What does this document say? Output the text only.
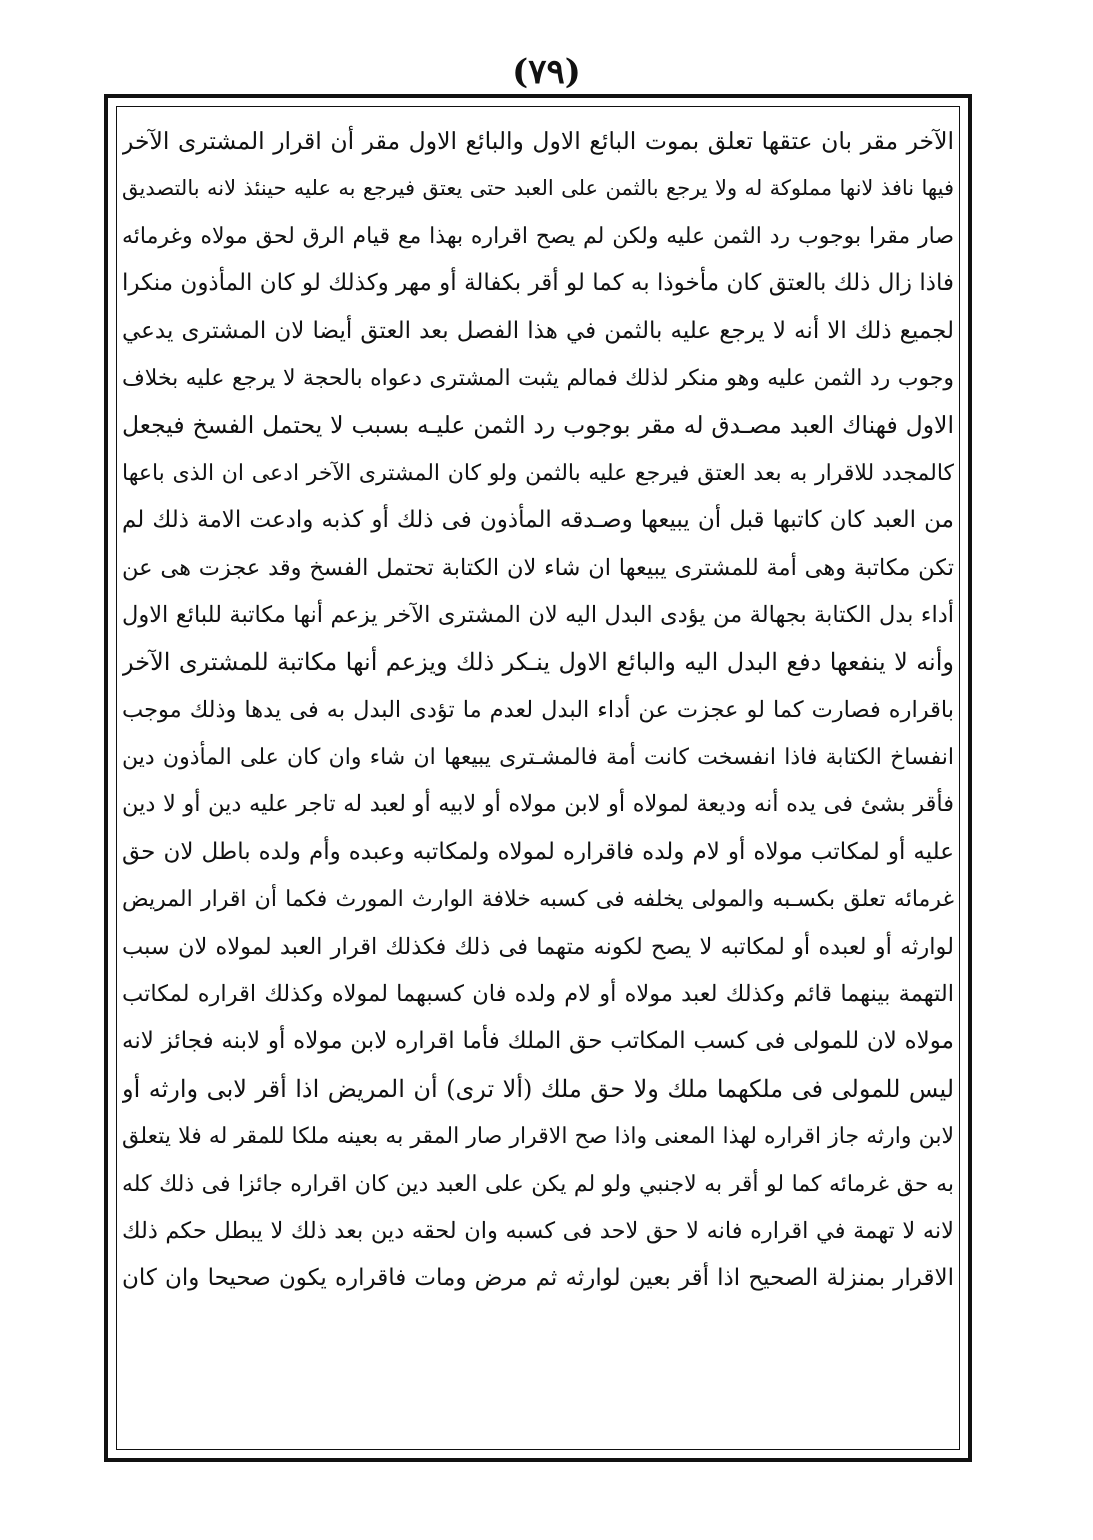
(٧٩)
الآخر مقر بان عتقها تعلق بموت البائع الاول والبائع الاول مقر أن اقرار المشترى الآخر
فيها نافذ لانها مملوكة له ولا يرجع بالثمن على العبد حتى يعتق فيرجع به عليه حينئذ لانه بالتصديق
صار مقرا بوجوب رد الثمن عليه ولكن لم يصح اقراره بهذا مع قيام الرق لحق مولاه وغرمائه
فاذا زال ذلك بالعتق كان مأخوذا به كما لو أقر بكفالة أو مهر وكذلك لو كان المأذون منكرا
لجميع ذلك الا أنه لا يرجع عليه بالثمن في هذا الفصل بعد العتق أيضا لان المشترى يدعي
وجوب رد الثمن عليه وهو منكر لذلك فمالم يثبت المشترى دعواه بالحجة لا يرجع عليه بخلاف
الاول فهناك العبد مصـدق له مقر بوجوب رد الثمن عليـه بسبب لا يحتمل الفسخ فيجعل
كالمجدد للاقرار به بعد العتق فيرجع عليه بالثمن ولو كان المشترى الآخر ادعى ان الذى باعها
من العبد كان كاتبها قبل أن يبيعها وصـدقه المأذون فى ذلك أو كذبه وادعت الامة ذلك لم
تكن مكاتبة وهى أمة للمشترى يبيعها ان شاء لان الكتابة تحتمل الفسخ وقد عجزت هى عن
أداء بدل الكتابة بجهالة من يؤدى البدل اليه لان المشترى الآخر يزعم أنها مكاتبة للبائع الاول
وأنه لا ينفعها دفع البدل اليه والبائع الاول ينـكر ذلك ويزعم أنها مكاتبة للمشترى الآخر
باقراره فصارت كما لو عجزت عن أداء البدل لعدم ما تؤدى البدل به فى يدها وذلك موجب
انفساخ الكتابة فاذا انفسخت كانت أمة فالمشـترى يبيعها ان شاء وان كان على المأذون دين
فأقر بشئ فى يده أنه وديعة لمولاه أو لابن مولاه أو لابيه أو لعبد له تاجر عليه دين أو لا دين
عليه أو لمكاتب مولاه أو لام ولده فاقراره لمولاه ولمكاتبه وعبده وأم ولده باطل لان حق
غرمائه تعلق بكسـبه والمولى يخلفه فى كسبه خلافة الوارث المورث فكما أن اقرار المريض
لوارثه أو لعبده أو لمكاتبه لا يصح لكونه متهما فى ذلك فكذلك اقرار العبد لمولاه لان سبب
التهمة بينهما قائم وكذلك لعبد مولاه أو لام ولده فان كسبهما لمولاه وكذلك اقراره لمكاتب
مولاه لان للمولى فى كسب المكاتب حق الملك فأما اقراره لابن مولاه أو لابنه فجائز لانه
ليس للمولى فى ملكهما ملك ولا حق ملك (ألا ترى) أن المريض اذا أقر لابى وارثه أو
لابن وارثه جاز اقراره لهذا المعنى واذا صح الاقرار صار المقر به بعينه ملكا للمقر له فلا يتعلق
به حق غرمائه كما لو أقر به لاجنبي ولو لم يكن على العبد دين كان اقراره جائزا فى ذلك كله
لانه لا تهمة في اقراره فانه لا حق لاحد فى كسبه وان لحقه دين بعد ذلك لا يبطل حكم ذلك
الاقرار بمنزلة الصحيح اذا أقر بعين لوارثه ثم مرض ومات فاقراره يكون صحيحا وان كان
